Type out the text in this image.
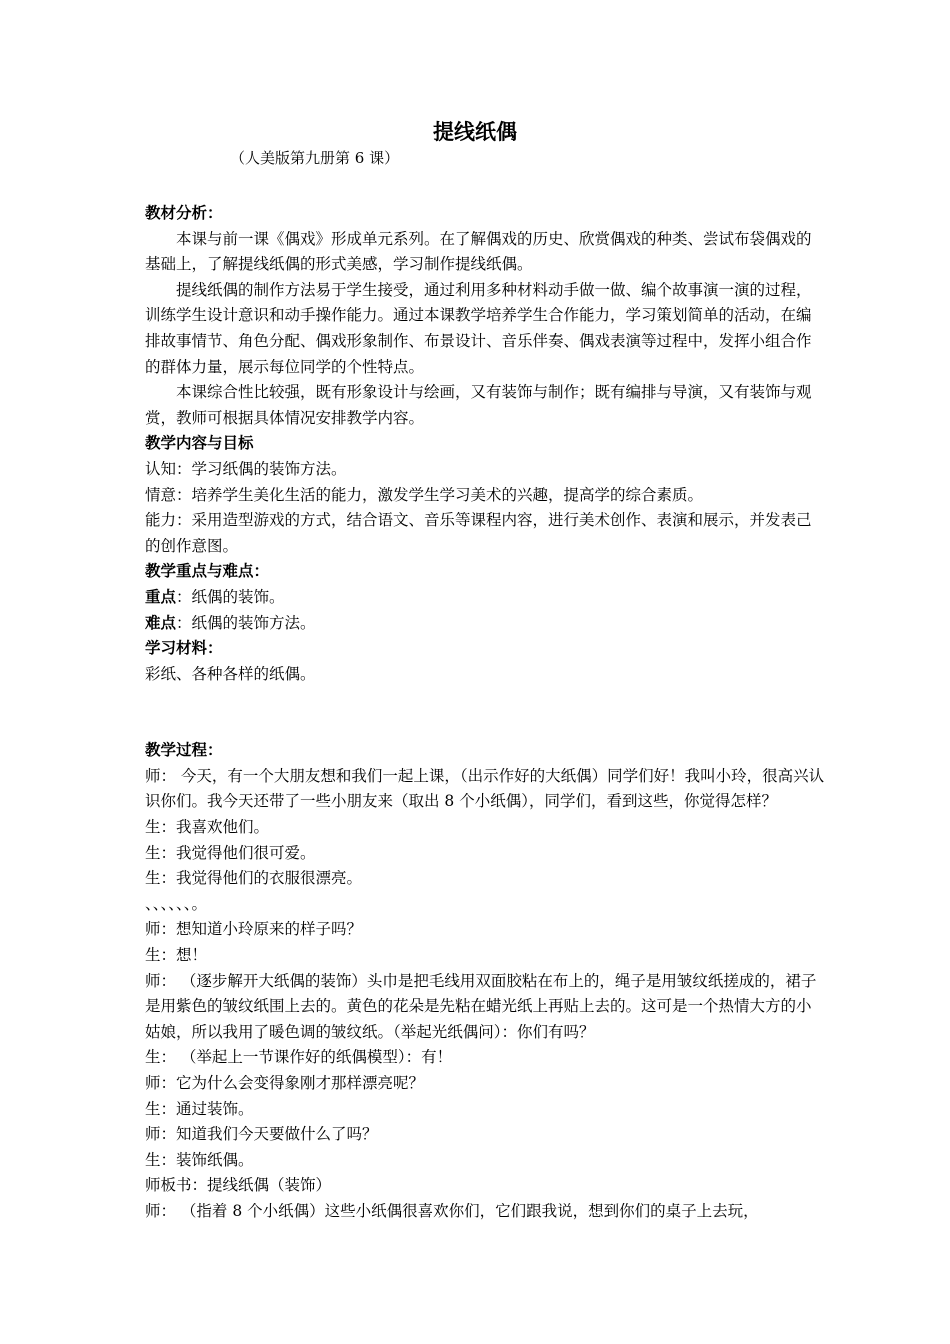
提线纸偶
（人美版第九册第 6 课）

教材分析：

本课与前一课《偶戏》形成单元系列。在了解偶戏的历史、欣赏偶戏的种类、尝试布袋偶戏的基础上，了解提线纸偶的形式美感，学习制作提线纸偶。

提线纸偶的制作方法易于学生接受，通过利用多种材料动手做一做、编个故事演一演的过程，训练学生设计意识和动手操作能力。通过本课教学培养学生合作能力，学习策划简单的活动，在编排故事情节、角色分配、偶戏形象制作、布景设计、音乐伴奏、偶戏表演等过程中，发挥小组合作的群体力量，展示每位同学的个性特点。

本课综合性比较强，既有形象设计与绘画，又有装饰与制作；既有编排与导演，又有装饰与观赏，教师可根据具体情况安排教学内容。

教学内容与目标

认知：学习纸偶的装饰方法。

情意：培养学生美化生活的能力，激发学生学习美术的兴趣，提高学的综合素质。

能力：采用造型游戏的方式，结合语文、音乐等课程内容，进行美术创作、表演和展示，并发表己的创作意图。

教学重点与难点：

重点：纸偶的装饰。

难点：纸偶的装饰方法。

学习材料：

彩纸、各种各样的纸偶。

教学过程：

师： 今天，有一个大朋友想和我们一起上课，（出示作好的大纸偶）同学们好！我叫小玲，很高兴认识你们。我今天还带了一些小朋友来（取出 8 个小纸偶），同学们，看到这些，你觉得怎样？

生：我喜欢他们。

生：我觉得他们很可爱。

生：我觉得他们的衣服很漂亮。

、、、、、、。

师：想知道小玲原来的样子吗？

生：想！

师： （逐步解开大纸偶的装饰）头巾是把毛线用双面胶粘在布上的，绳子是用皱纹纸搓成的，裙子是用紫色的皱纹纸围上去的。黄色的花朵是先粘在蜡光纸上再贴上去的。这可是一个热情大方的小姑娘，所以我用了暖色调的皱纹纸。（举起光纸偶问）：你们有吗？

生： （举起上一节课作好的纸偶模型）：有！

师：它为什么会变得象刚才那样漂亮呢？

生：通过装饰。

师：知道我们今天要做什么了吗？

生：装饰纸偶。

师板书：提线纸偶（装饰）

师： （指着 8 个小纸偶）这些小纸偶很喜欢你们，它们跟我说，想到你们的桌子上去玩，
